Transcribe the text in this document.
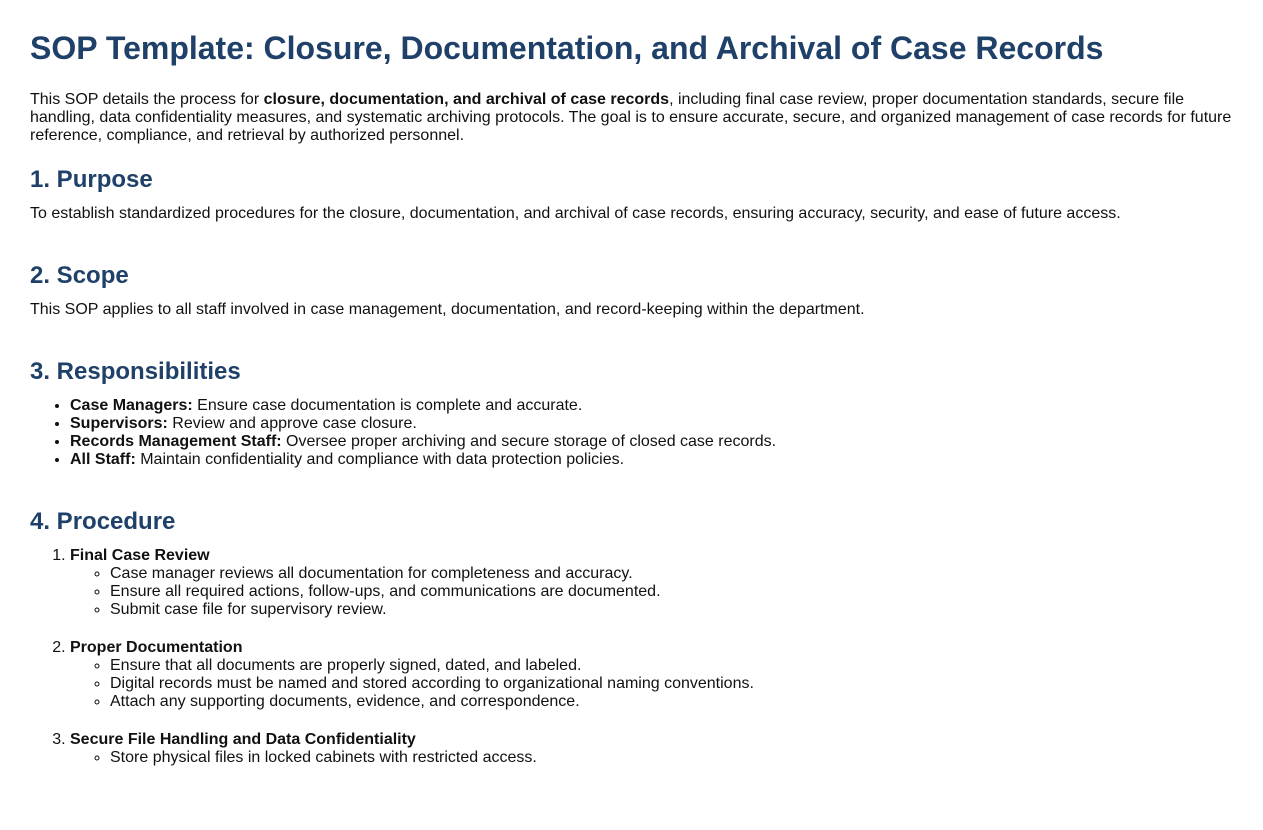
SOP Template: Closure, Documentation, and Archival of Case Records

This SOP details the process for closure, documentation, and archival of case records, including final case review, proper documentation standards, secure file handling, data confidentiality measures, and systematic archiving protocols. The goal is to ensure accurate, secure, and organized management of case records for future reference, compliance, and retrieval by authorized personnel.

1. Purpose

To establish standardized procedures for the closure, documentation, and archival of case records, ensuring accuracy, security, and ease of future access.

2. Scope

This SOP applies to all staff involved in case management, documentation, and record-keeping within the department.

3. Responsibilities
• Case Managers: Ensure case documentation is complete and accurate.
• Supervisors: Review and approve case closure.
• Records Management Staff: Oversee proper archiving and secure storage of closed case records.
• All Staff: Maintain confidentiality and compliance with data protection policies.
4. Procedure
1. Final Case Review
◦ Case manager reviews all documentation for completeness and accuracy.
◦ Ensure all required actions, follow-ups, and communications are documented.
◦ Submit case file for supervisory review.
2. Proper Documentation
◦ Ensure that all documents are properly signed, dated, and labeled.
◦ Digital records must be named and stored according to organizational naming conventions.
◦ Attach any supporting documents, evidence, and correspondence.
3. Secure File Handling and Data Confidentiality
◦ Store physical files in locked cabinets with restricted access.
